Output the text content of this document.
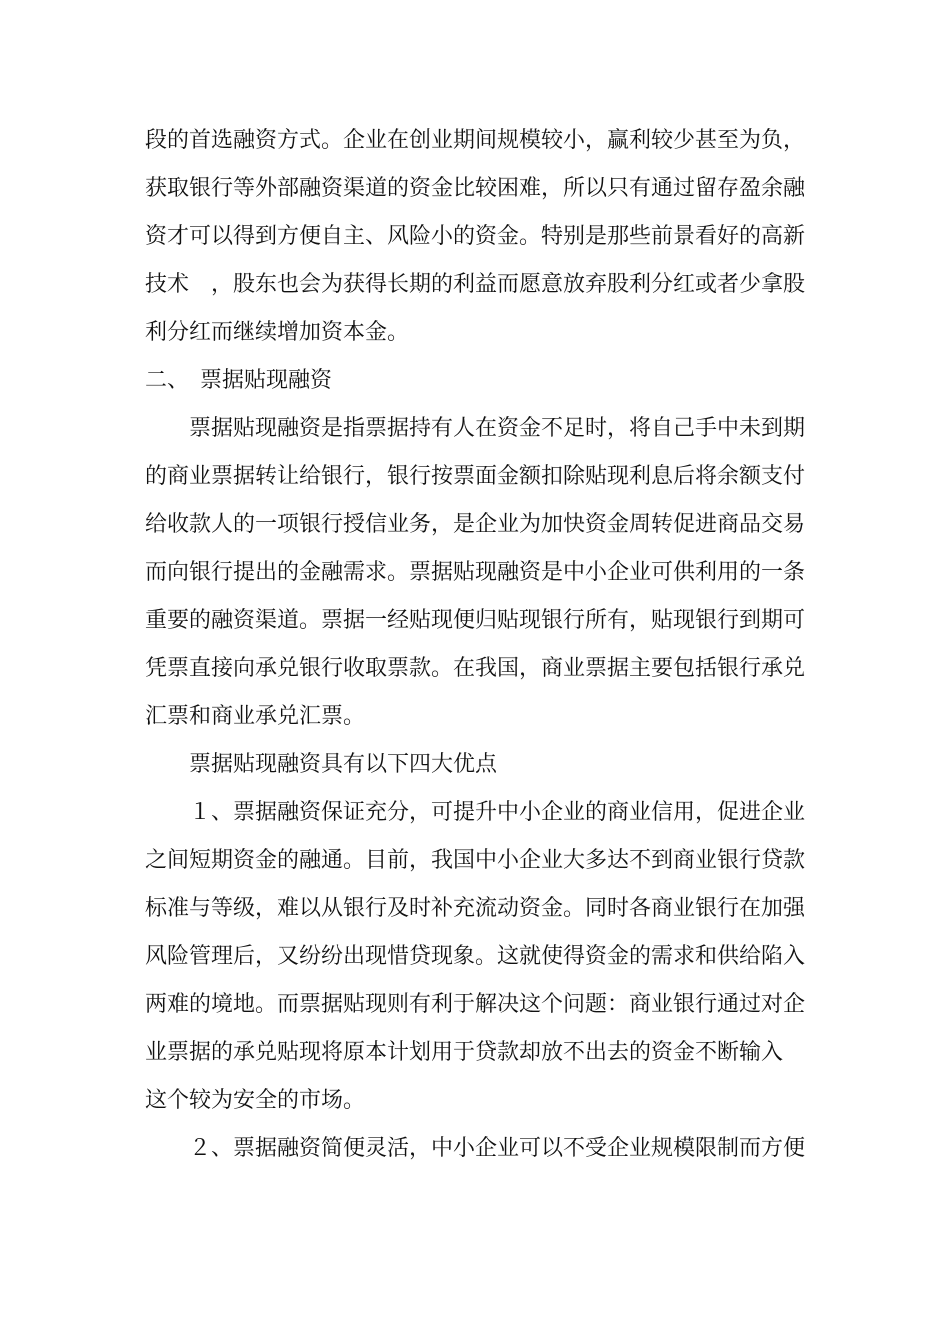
段的首选融资方式。企业在创业期间规模较小，赢利较少甚至为负，
获取银行等外部融资渠道的资金比较困难，所以只有通过留存盈余融
资才可以得到方便自主、风险小的资金。特别是那些前景看好的高新
技术　，股东也会为获得长期的利益而愿意放弃股利分红或者少拿股
利分红而继续增加资本金。
二、　票据贴现融资
票据贴现融资是指票据持有人在资金不足时，将自己手中未到期
的商业票据转让给银行，银行按票面金额扣除贴现利息后将余额支付
给收款人的一项银行授信业务，是企业为加快资金周转促进商品交易
而向银行提出的金融需求。票据贴现融资是中小企业可供利用的一条
重要的融资渠道。票据一经贴现便归贴现银行所有，贴现银行到期可
凭票直接向承兑银行收取票款。在我国，商业票据主要包括银行承兑
汇票和商业承兑汇票。
票据贴现融资具有以下四大优点
１、票据融资保证充分，可提升中小企业的商业信用，促进企业
之间短期资金的融通。目前，我国中小企业大多达不到商业银行贷款
标准与等级，难以从银行及时补充流动资金。同时各商业银行在加强
风险管理后，又纷纷出现惜贷现象。这就使得资金的需求和供给陷入
两难的境地。而票据贴现则有利于解决这个问题：商业银行通过对企
业票据的承兑贴现将原本计划用于贷款却放不出去的资金不断输入
这个较为安全的市场。
２、票据融资简便灵活，中小企业可以不受企业规模限制而方便
